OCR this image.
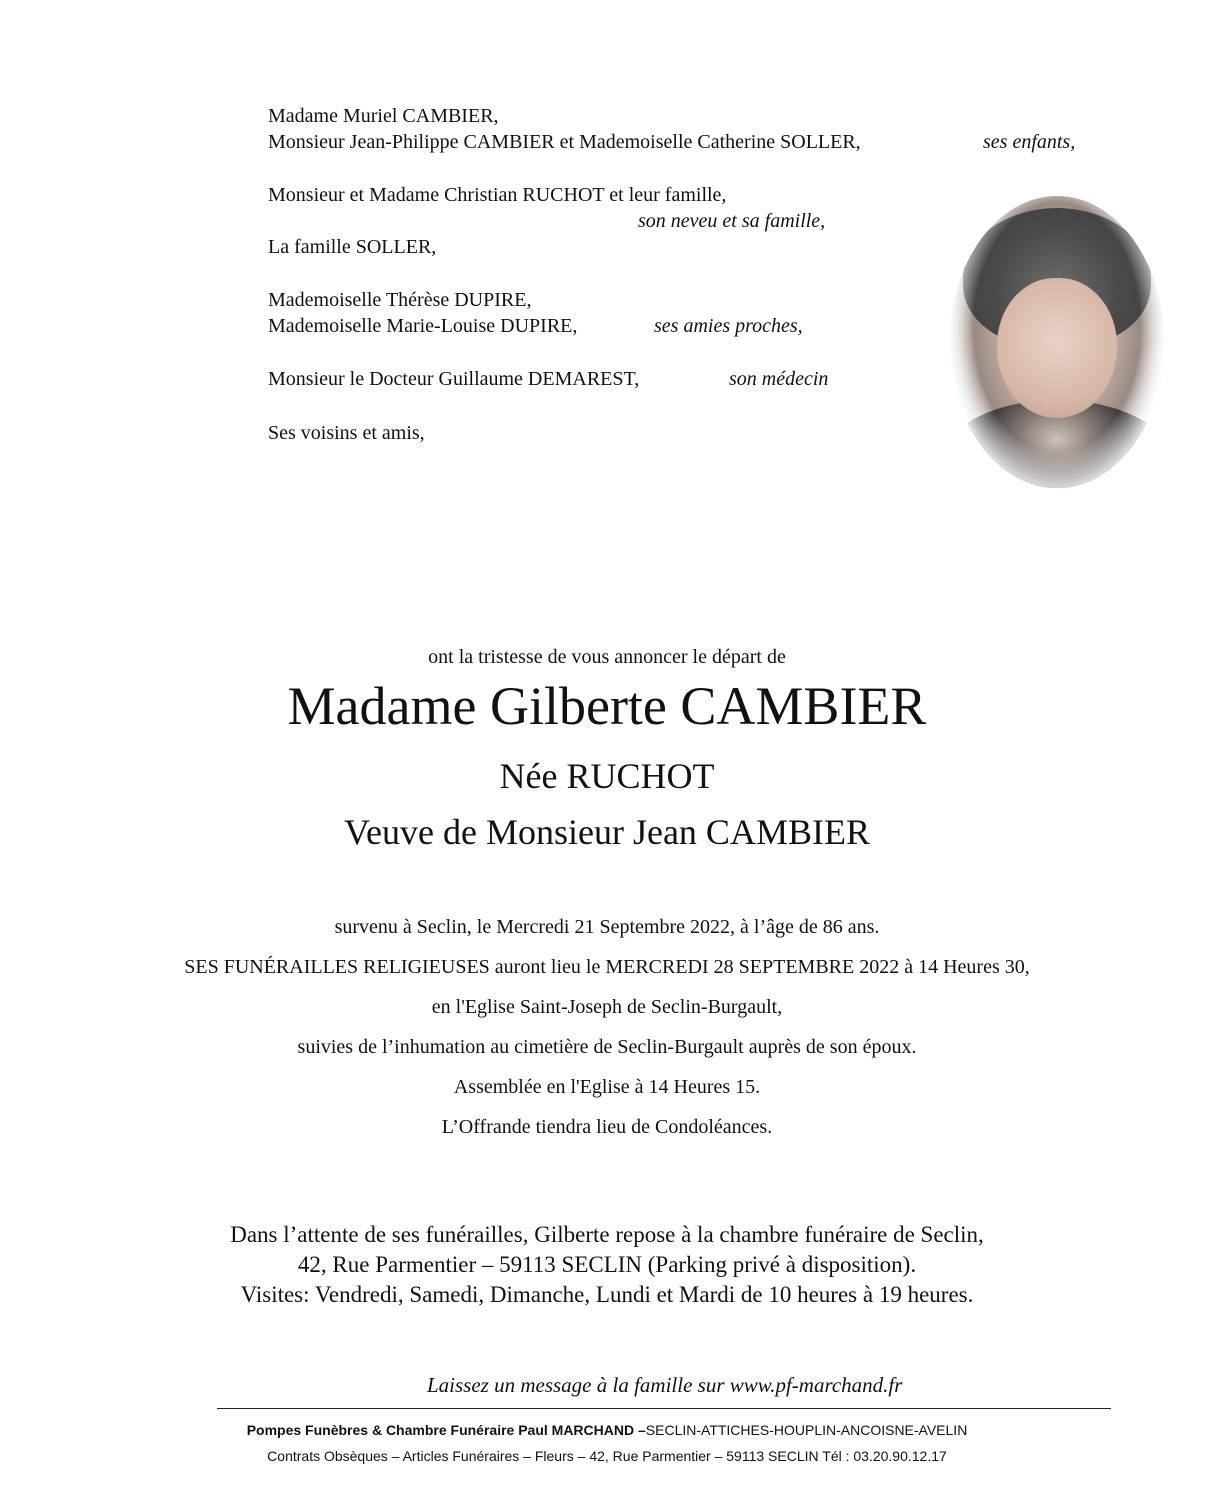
Madame Muriel CAMBIER,
Monsieur Jean-Philippe CAMBIER et Mademoiselle Catherine SOLLER,	ses enfants,
Monsieur et Madame Christian RUCHOT et leur famille,
son neveu et sa famille,
La famille SOLLER,
Mademoiselle Thérèse DUPIRE,
Mademoiselle Marie-Louise DUPIRE,	ses amies proches,
Monsieur le Docteur Guillaume DEMAREST,	son médecin
Ses voisins et amis,
ont la tristesse de vous annoncer le départ de
Madame Gilberte CAMBIER
Née RUCHOT
Veuve de Monsieur Jean CAMBIER
survenu à Seclin, le Mercredi 21 Septembre 2022, à l’âge de 86 ans.
SES FUNÉRAILLES RELIGIEUSES auront lieu le MERCREDI 28 SEPTEMBRE 2022 à 14 Heures 30,
en l'Eglise Saint-Joseph de Seclin-Burgault,
suivies de l’inhumation au cimetière de Seclin-Burgault auprès de son époux.
Assemblée en l'Eglise à 14 Heures 15.
L’Offrande tiendra lieu de Condoléances.
Dans l’attente de ses funérailles, Gilberte repose à la chambre funéraire de Seclin,
42, Rue Parmentier – 59113 SECLIN (Parking privé à disposition).
Visites: Vendredi, Samedi, Dimanche, Lundi et Mardi de 10 heures à 19 heures.
Laissez un message à la famille sur www.pf-marchand.fr
Pompes Funèbres & Chambre Funéraire Paul MARCHAND –SECLIN-ATTICHES-HOUPLIN-ANCOISNE-AVELIN
Contrats Obsèques – Articles Funéraires – Fleurs – 42, Rue Parmentier – 59113 SECLIN Tél : 03.20.90.12.17
